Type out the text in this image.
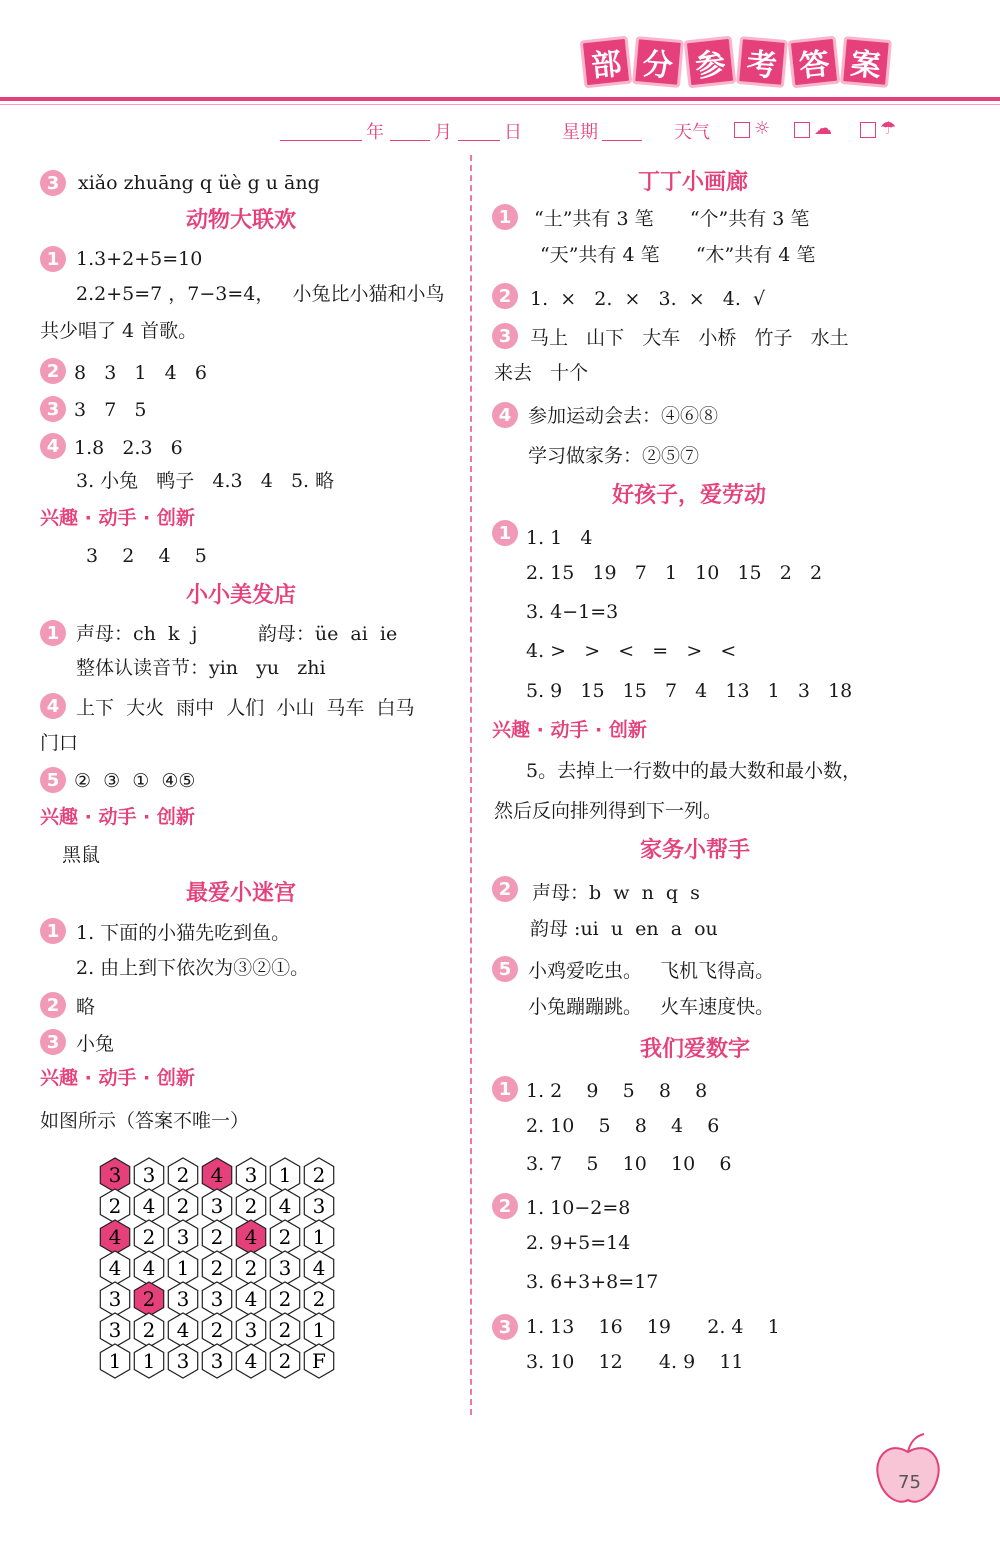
部 分 参 考 答 案
年	月	日 星期	天气 ☼ ☁	☂
3 xiǎo zhuāng q üè g u āng
动物大联欢
1 1.3+2+5=10
2.2+5=7 ，7−3=4，   小兔比小猫和小鸟
共少唱了 4 首歌。
2 8   3   1   4   6
3 3   7   5
4 1.8   2.3   6
3. 小兔   鸭子   4.3   4   5. 略
兴趣 · 动手 · 创新
3    2    4    5
小小美发店
1 声母：ch  k  j          韵母：üe  ai  ie
整体认读音节：yin   yu   zhi
4 上下  大火  雨中  人们  小山  马车  白马
门口
5 ②  ③  ①  ④⑤
兴趣 · 动手 · 创新
黑鼠
最爱小迷宫
1 1. 下面的小猫先吃到鱼。
2. 由上到下依次为③②①。
2 略
3 小兔
兴趣 · 动手 · 创新
如图所示（答案不唯一）
丁丁小画廊
1	“土”共有 3 笔      “个”共有 3 笔
“天”共有 4 笔      “木”共有 4 笔
2 1.  ×   2.  ×   3.  ×   4.  √
3 马上   山下   大车   小桥   竹子   水土
来去   十个
4 参加运动会去：④⑥⑧
学习做家务：②⑤⑦
好孩子，爱劳动
1 1. 1   4
2. 15   19   7   1   10   15   2   2
3. 4−1=3
4. >   >   <   =   >   <
5. 9   15   15   7   4   13   1   3   18
兴趣 · 动手 · 创新
5。去掉上一行数中的最大数和最小数，
然后反向排列得到下一列。
家务小帮手
2	声母：b  w  n  q  s
韵母 :ui  u  en  a  ou
5 小鸡爱吃虫。   飞机飞得高。
小兔蹦蹦跳。   火车速度快。
我们爱数字
1 1. 2    9    5    8    8
2. 10    5    8    4    6
3. 7    5    10    10    6
2 1. 10−2=8
2. 9+5=14
3. 6+3+8=17
3 1. 13    16    19      2. 4    1
3. 10    12      4. 9    11
3 3 2 4 3 1 2
2 4 2 3 2 4 3
4 2 3 2 4 2 1
4 4 1 2 2 3 4
3 2 3 3 4 2 2
3 2 4 2 3 2 1
1 1 3 3 4 2 F
75
